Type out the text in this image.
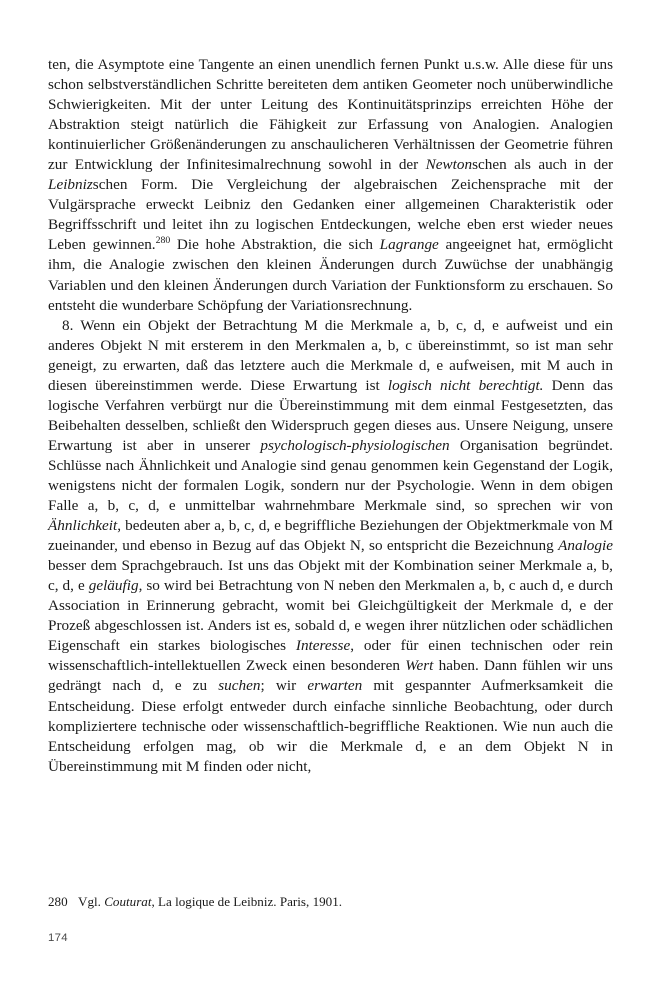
ten, die Asymptote eine Tangente an einen unendlich fernen Punkt u.s.w. Alle diese für uns schon selbstverständlichen Schritte bereiteten dem antiken Geometer noch unüberwindliche Schwierigkeiten. Mit der unter Leitung des Kontinuitätsprinzips erreichten Höhe der Abstraktion steigt natürlich die Fähigkeit zur Erfassung von Analogien. Analogien kontinuierlicher Größenänderungen zu anschaulicheren Verhältnissen der Geometrie führen zur Entwicklung der Infinitesimalrechnung sowohl in der Newtonschen als auch in der Leibnizschen Form. Die Vergleichung der algebraischen Zeichensprache mit der Vulgärsprache erweckt Leibniz den Gedanken einer allgemeinen Charakteristik oder Begriffsschrift und leitet ihn zu logischen Entdeckungen, welche eben erst wieder neues Leben gewinnen.$^{280}$ Die hohe Abstraktion, die sich Lagrange angeeignet hat, ermöglicht ihm, die Analogie zwischen den kleinen Änderungen durch Zuwüchse der unabhängig Variablen und den kleinen Änderungen durch Variation der Funktionsform zu erschauen. So entsteht die wunderbare Schöpfung der Variationsrechnung.

8. Wenn ein Objekt der Betrachtung M die Merkmale a, b, c, d, e aufweist und ein anderes Objekt N mit ersterem in den Merkmalen a, b, c übereinstimmt, so ist man sehr geneigt, zu erwarten, daß das letztere auch die Merkmale d, e aufweisen, mit M auch in diesen übereinstimmen werde. Diese Erwartung ist logisch nicht berechtigt. Denn das logische Verfahren verbürgt nur die Übereinstimmung mit dem einmal Festgesetzten, das Beibehalten desselben, schließt den Widerspruch gegen dieses aus. Unsere Neigung, unsere Erwartung ist aber in unserer psychologisch-physiologischen Organisation begründet. Schlüsse nach Ähnlichkeit und Analogie sind genau genommen kein Gegenstand der Logik, wenigstens nicht der formalen Logik, sondern nur der Psychologie. Wenn in dem obigen Falle a, b, c, d, e unmittelbar wahrnehmbare Merkmale sind, so sprechen wir von Ähnlichkeit, bedeuten aber a, b, c, d, e begriffliche Beziehungen der Objektmerkmale von M zueinander, und ebenso in Bezug auf das Objekt N, so entspricht die Bezeichnung Analogie besser dem Sprachgebrauch. Ist uns das Objekt mit der Kombination seiner Merkmale a, b, c, d, e geläufig, so wird bei Betrachtung von N neben den Merkmalen a, b, c auch d, e durch Association in Erinnerung gebracht, womit bei Gleichgültigkeit der Merkmale d, e der Prozeß abgeschlossen ist. Anders ist es, sobald d, e wegen ihrer nützlichen oder schädlichen Eigenschaft ein starkes biologisches Interesse, oder für einen technischen oder rein wissenschaftlich-intellektuellen Zweck einen besonderen Wert haben. Dann fühlen wir uns gedrängt nach d, e zu suchen; wir erwarten mit gespannter Aufmerksamkeit die Entscheidung. Diese erfolgt entweder durch einfache sinnliche Beobachtung, oder durch kompliziertere technische oder wissenschaftlich-begriffliche Reaktionen. Wie nun auch die Entscheidung erfolgen mag, ob wir die Merkmale d, e an dem Objekt N in Übereinstimmung mit M finden oder nicht,

280 Vgl. Couturat, La logique de Leibniz. Paris, 1901.

174
